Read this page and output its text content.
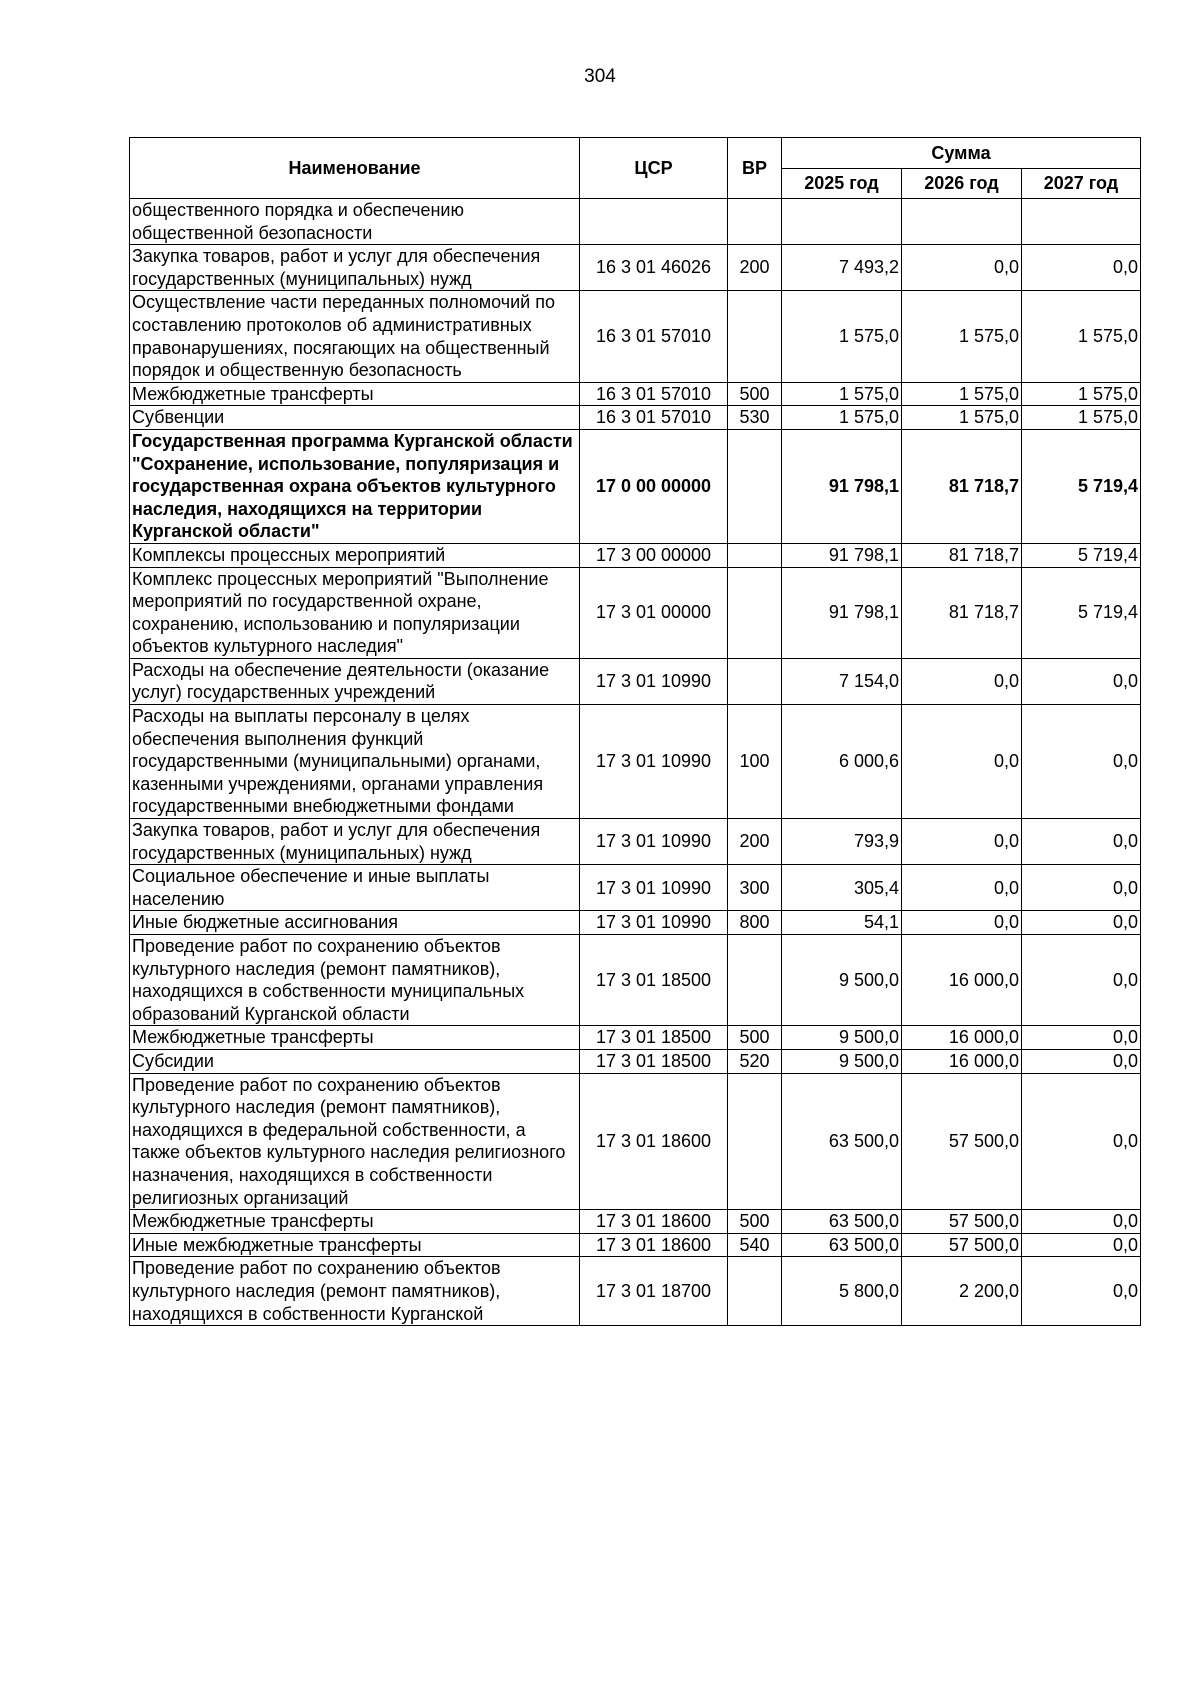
304
Наименование	ЦСР	ВР	Сумма		
			2025 год	2026 год	2027 год
общественного порядка и обеспечению общественной безопасности					
Закупка товаров, работ и услуг для обеспечения государственных (муниципальных) нужд	16 3 01 46026	200	7 493,2	0,0	0,0
Осуществление части переданных полномочий по составлению протоколов об административных правонарушениях, посягающих на общественный порядок и общественную безопасность	16 3 01 57010		1 575,0	1 575,0	1 575,0
Межбюджетные трансферты	16 3 01 57010	500	1 575,0	1 575,0	1 575,0
Субвенции	16 3 01 57010	530	1 575,0	1 575,0	1 575,0
Государственная программа Курганской области "Сохранение, использование, популяризация и государственная охрана объектов культурного наследия, находящихся на территории Курганской области"	17 0 00 00000		91 798,1	81 718,7	5 719,4
Комплексы процессных мероприятий	17 3 00 00000		91 798,1	81 718,7	5 719,4
Комплекс процессных мероприятий "Выполнение мероприятий по государственной охране, сохранению, использованию и популяризации объектов культурного наследия"	17 3 01 00000		91 798,1	81 718,7	5 719,4
Расходы на обеспечение деятельности (оказание услуг) государственных учреждений	17 3 01 10990		7 154,0	0,0	0,0
Расходы на выплаты персоналу в целях обеспечения выполнения функций государственными (муниципальными) органами, казенными учреждениями, органами управления государственными внебюджетными фондами	17 3 01 10990	100	6 000,6	0,0	0,0
Закупка товаров, работ и услуг для обеспечения государственных (муниципальных) нужд	17 3 01 10990	200	793,9	0,0	0,0
Социальное обеспечение и иные выплаты населению	17 3 01 10990	300	305,4	0,0	0,0
Иные бюджетные ассигнования	17 3 01 10990	800	54,1	0,0	0,0
Проведение работ по сохранению объектов культурного наследия (ремонт памятников), находящихся в собственности муниципальных образований Курганской области	17 3 01 18500		9 500,0	16 000,0	0,0
Межбюджетные трансферты	17 3 01 18500	500	9 500,0	16 000,0	0,0
Субсидии	17 3 01 18500	520	9 500,0	16 000,0	0,0
Проведение работ по сохранению объектов культурного наследия (ремонт памятников), находящихся в федеральной собственности, а также объектов культурного наследия религиозного назначения, находящихся в собственности религиозных организаций	17 3 01 18600		63 500,0	57 500,0	0,0
Межбюджетные трансферты	17 3 01 18600	500	63 500,0	57 500,0	0,0
Иные межбюджетные трансферты	17 3 01 18600	540	63 500,0	57 500,0	0,0
Проведение работ по сохранению объектов культурного наследия (ремонт памятников), находящихся в собственности Курганской	17 3 01 18700		5 800,0	2 200,0	0,0
